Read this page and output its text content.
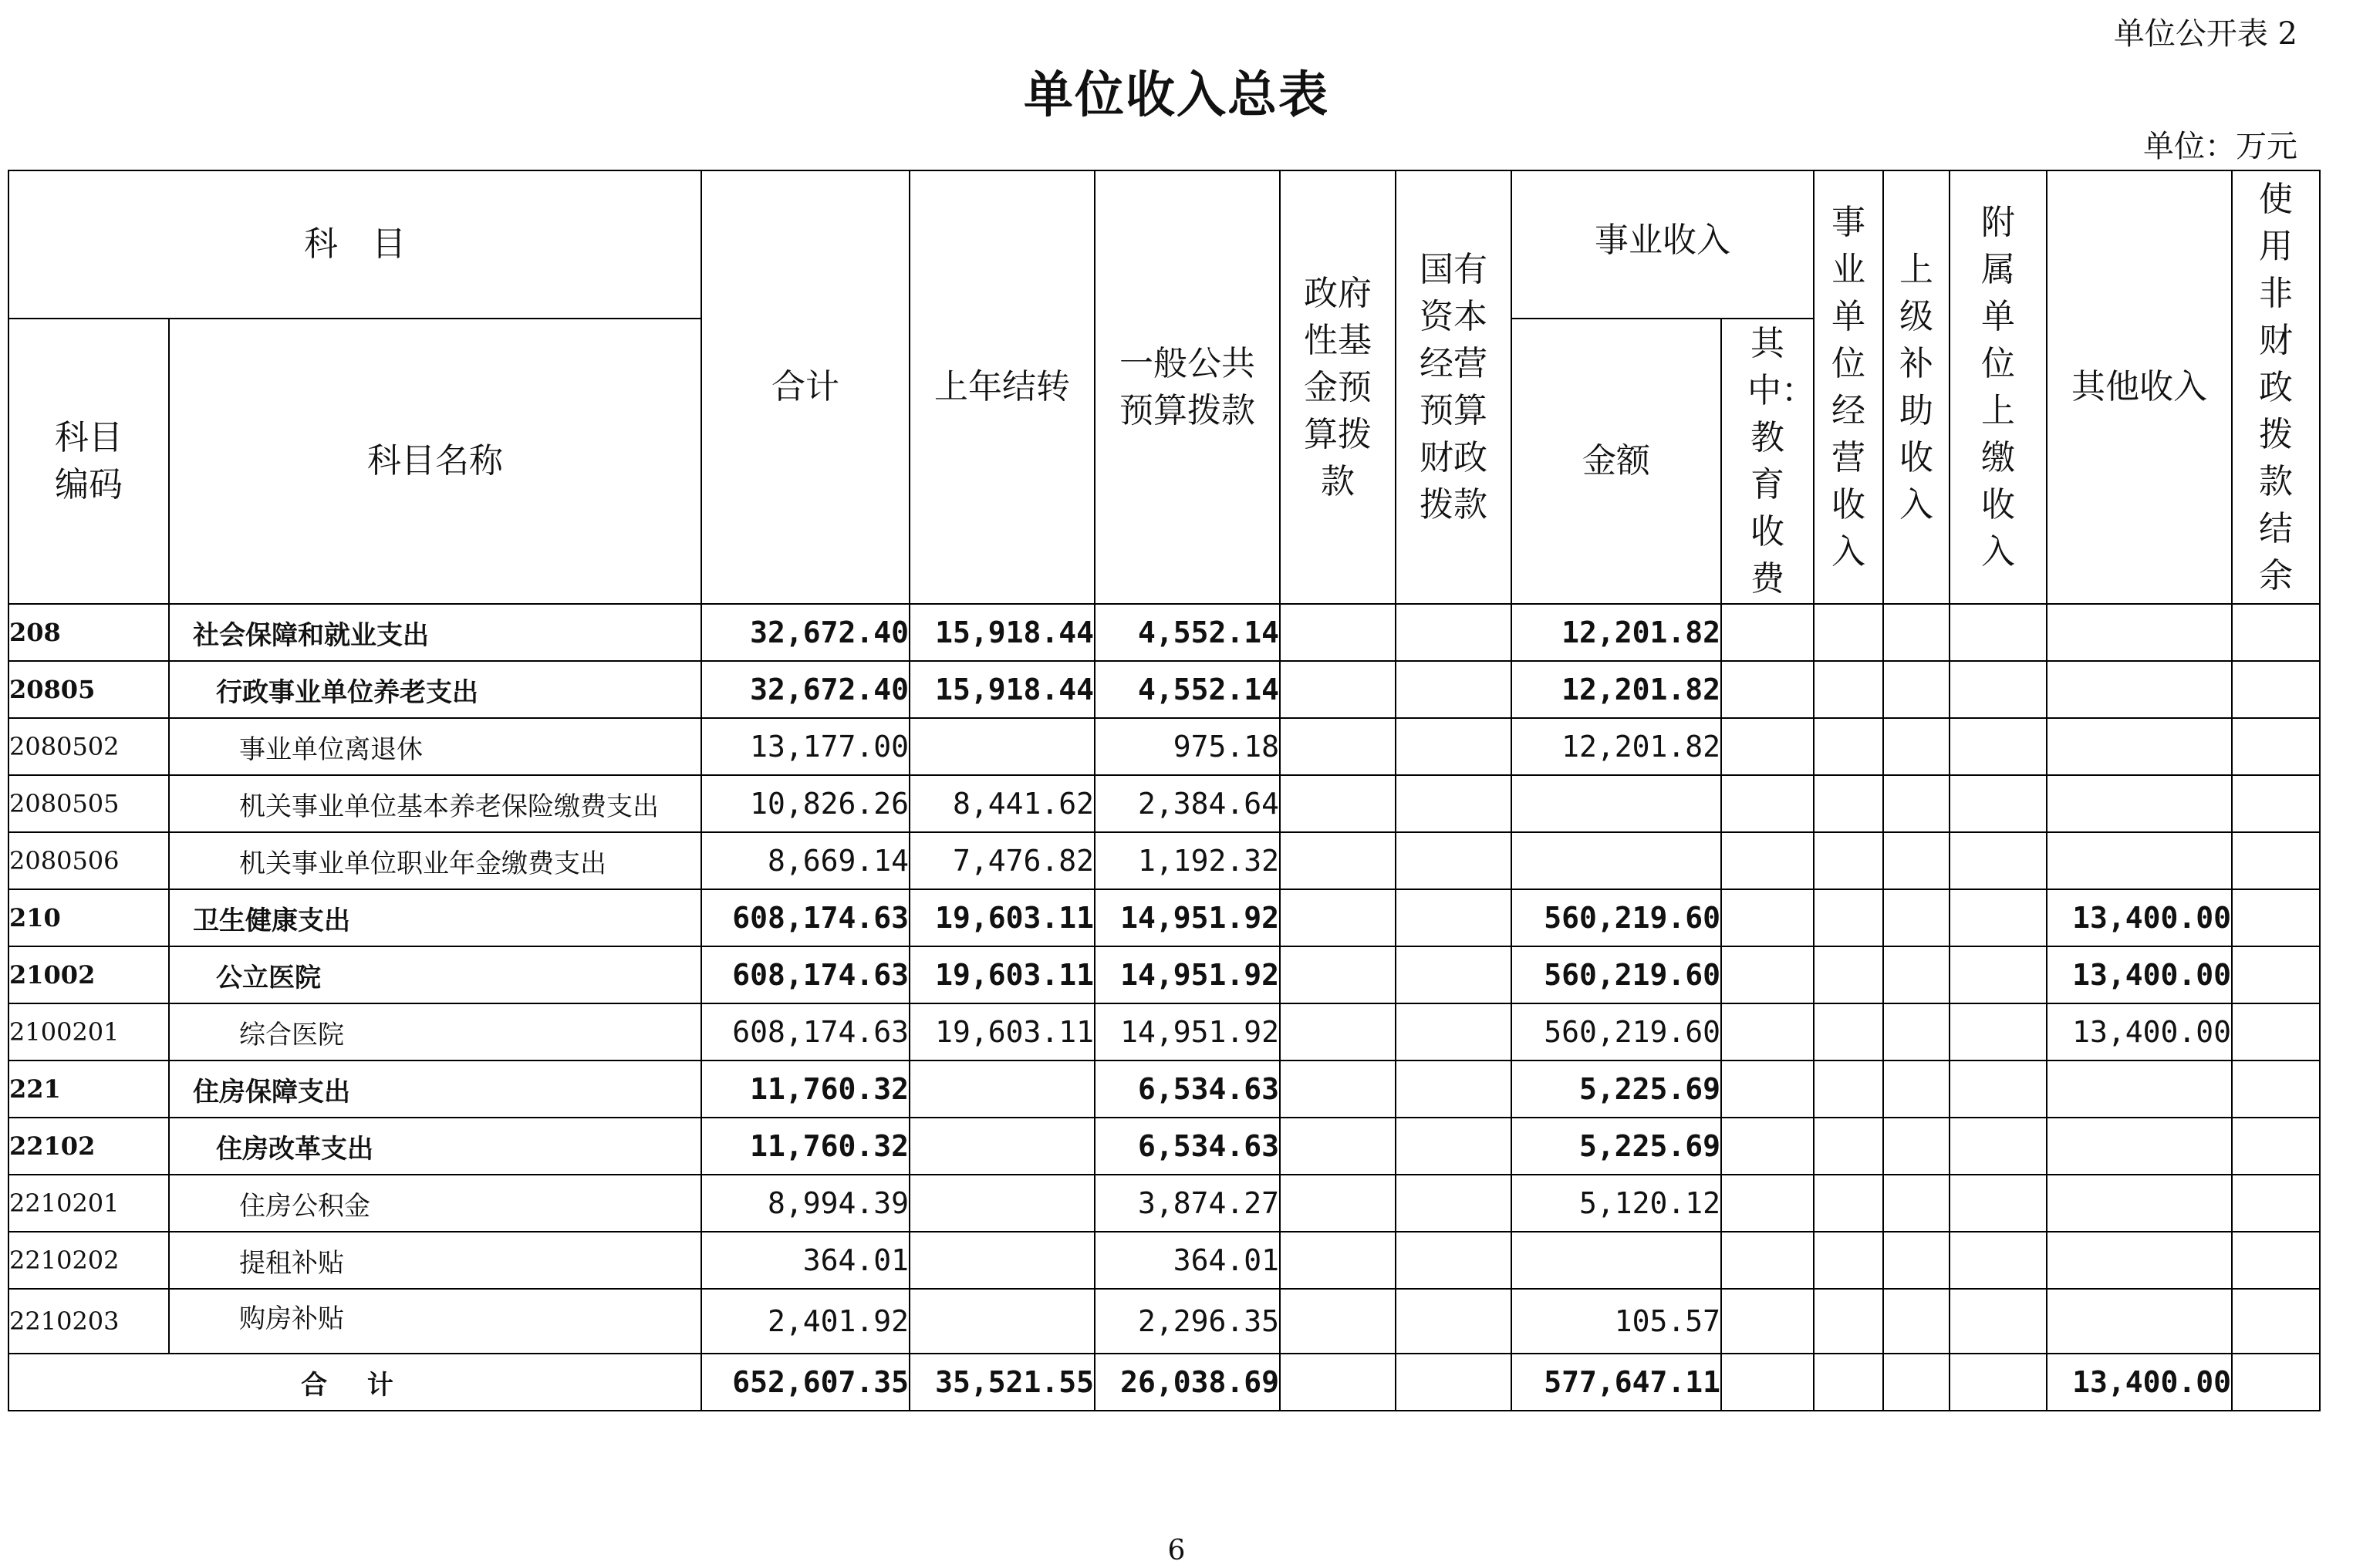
单位公开表 2
单位收入总表
单位：万元
科　目		合计	上年结转	一般公共预算拨款	政府性基金预算拨款	国有资本经营预算财政拨款	事业收入		事业单位经营收入	上级补助收入	附属单位上缴收入	其他收入	使用非财政拨款结余
科目编码	科目名称						金额	其中：教育收费					
208	社会保障和就业支出	32,672.40	15,918.44	4,552.14			12,201.82						
20805	行政事业单位养老支出	32,672.40	15,918.44	4,552.14			12,201.82						
2080502	事业单位离退休	13,177.00		975.18			12,201.82						
2080505	机关事业单位基本养老保险缴费支出	10,826.26	8,441.62	2,384.64									
2080506	机关事业单位职业年金缴费支出	8,669.14	7,476.82	1,192.32									
210	卫生健康支出	608,174.63	19,603.11	14,951.92			560,219.60					13,400.00	
21002	公立医院	608,174.63	19,603.11	14,951.92			560,219.60					13,400.00	
2100201	综合医院	608,174.63	19,603.11	14,951.92			560,219.60					13,400.00	
221	住房保障支出	11,760.32		6,534.63			5,225.69						
22102	住房改革支出	11,760.32		6,534.63			5,225.69						
2210201	住房公积金	8,994.39		3,874.27			5,120.12						
2210202	提租补贴	364.01		364.01									
2210203	购房补贴	2,401.92		2,296.35			105.57						
合 计		652,607.35	35,521.55	26,038.69			577,647.11					13,400.00	
6
